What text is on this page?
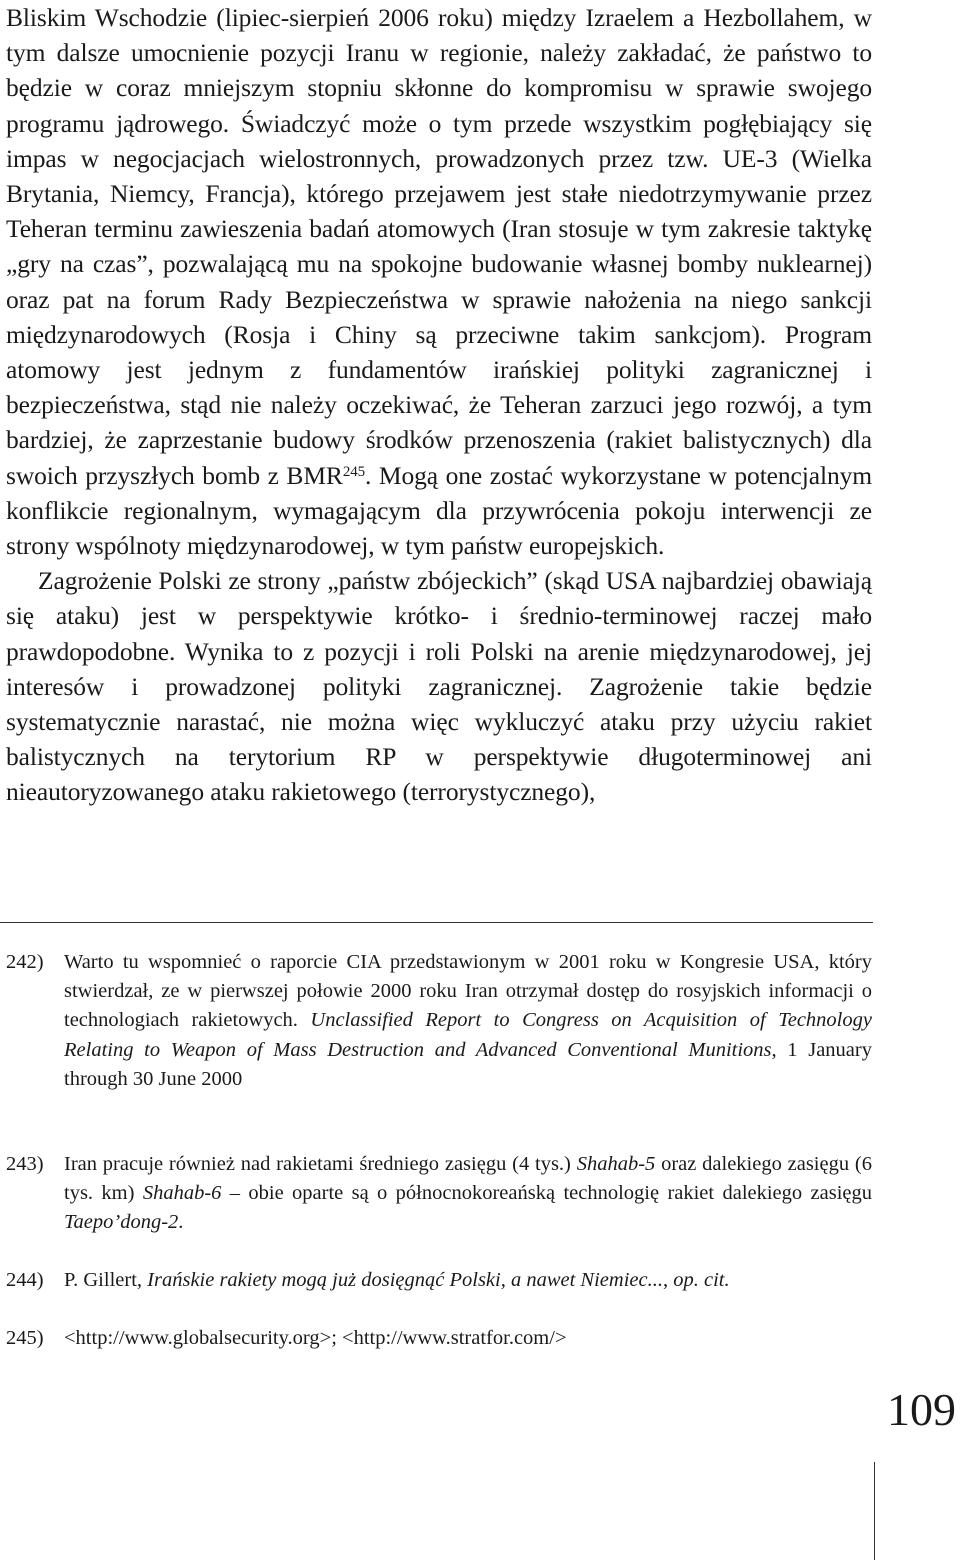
Bliskim Wschodzie (lipiec-sierpień 2006 roku) między Izraelem a Hezbollahem, w tym dalsze umocnienie pozycji Iranu w regionie, należy zakładać, że państwo to będzie w coraz mniejszym stopniu skłonne do kompromisu w sprawie swojego programu jądrowego. Świadczyć może o tym przede wszystkim pogłębiający się impas w negocjacjach wielostronnych, prowadzonych przez tzw. UE-3 (Wielka Brytania, Niemcy, Francja), którego przejawem jest stałe niedotrzymywanie przez Teheran terminu zawieszenia badań atomowych (Iran stosuje w tym zakresie taktykę „gry na czas”, pozwalającą mu na spokojne budowanie własnej bomby nuklearnej) oraz pat na forum Rady Bezpieczeństwa w sprawie nałożenia na niego sankcji międzynarodowych (Rosja i Chiny są przeciwne takim sankcjom). Program atomowy jest jednym z fundamentów irańskiej polityki zagranicznej i bezpieczeństwa, stąd nie należy oczekiwać, że Teheran zarzuci jego rozwój, a tym bardziej, że zaprzestanie budowy środków przenoszenia (rakiet balistycznych) dla swoich przyszłych bomb z BMR$^{245}$. Mogą one zostać wykorzystane w potencjalnym konflikcie regionalnym, wymagającym dla przywrócenia pokoju interwencji ze strony wspólnoty międzynarodowej, w tym państw europejskich.

Zagrożenie Polski ze strony „państw zbójeckich” (skąd USA najbardziej obawiają się ataku) jest w perspektywie krótko- i średnio-terminowej raczej mało prawdopodobne. Wynika to z pozycji i roli Polski na arenie międzynarodowej, jej interesów i prowadzonej polityki zagranicznej. Zagrożenie takie będzie systematycznie narastać, nie można więc wykluczyć ataku przy użyciu rakiet balistycznych na terytorium RP w perspektywie długoterminowej ani nieautoryzowanego ataku rakietowego (terrorystycznego),

242) Warto tu wspomnieć o raporcie CIA przedstawionym w 2001 roku w Kongresie USA, który stwierdzał, ze w pierwszej połowie 2000 roku Iran otrzymał dostęp do rosyjskich informacji o technologiach rakietowych. Unclassified Report to Congress on Acquisition of Technology Relating to Weapon of Mass Destruction and Advanced Conventional Munitions, 1 January through 30 June 2000
243) Iran pracuje również nad rakietami średniego zasięgu (4 tys.) Shahab-5 oraz dalekiego zasięgu (6 tys. km) Shahab-6 – obie oparte są o północnokoreańską technologię rakiet dalekiego zasięgu Taepo’dong-2.
244) P. Gillert, Irańskie rakiety mogą już dosięgnąć Polski, a nawet Niemiec..., op. cit.
245) <http://www.globalsecurity.org>; <http://www.stratfor.com/>
109
